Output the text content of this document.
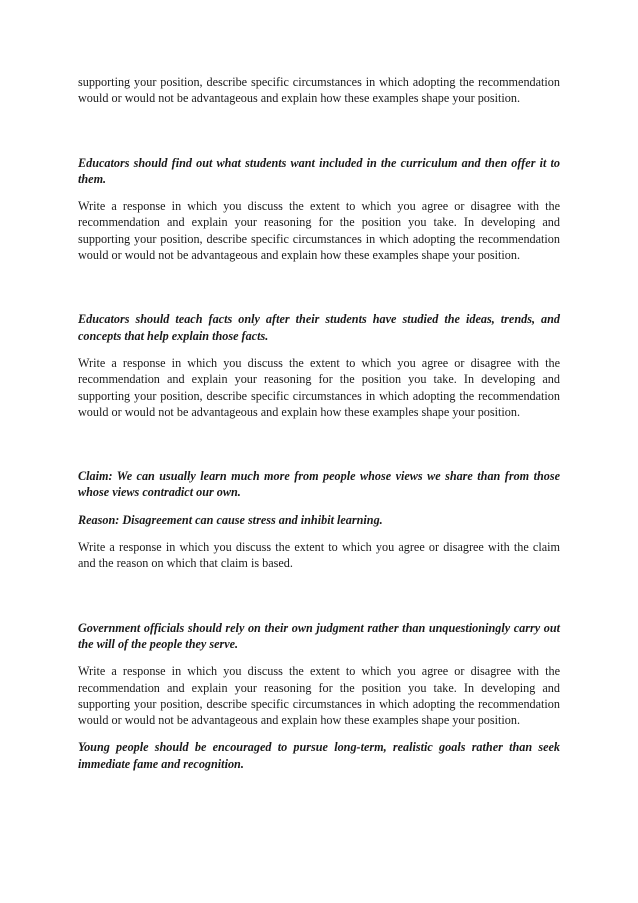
supporting your position, describe specific circumstances in which adopting the recommendation would or would not be advantageous and explain how these examples shape your position.

Educators should find out what students want included in the curriculum and then offer it to them.

Write a response in which you discuss the extent to which you agree or disagree with the recommendation and explain your reasoning for the position you take. In developing and supporting your position, describe specific circumstances in which adopting the recommendation would or would not be advantageous and explain how these examples shape your position.

Educators should teach facts only after their students have studied the ideas, trends, and concepts that help explain those facts.

Write a response in which you discuss the extent to which you agree or disagree with the recommendation and explain your reasoning for the position you take. In developing and supporting your position, describe specific circumstances in which adopting the recommendation would or would not be advantageous and explain how these examples shape your position.

Claim: We can usually learn much more from people whose views we share than from those whose views contradict our own.

Reason: Disagreement can cause stress and inhibit learning.

Write a response in which you discuss the extent to which you agree or disagree with the claim and the reason on which that claim is based.

Government officials should rely on their own judgment rather than unquestioningly carry out the will of the people they serve.

Write a response in which you discuss the extent to which you agree or disagree with the recommendation and explain your reasoning for the position you take. In developing and supporting your position, describe specific circumstances in which adopting the recommendation would or would not be advantageous and explain how these examples shape your position.

Young people should be encouraged to pursue long-term, realistic goals rather than seek immediate fame and recognition.
